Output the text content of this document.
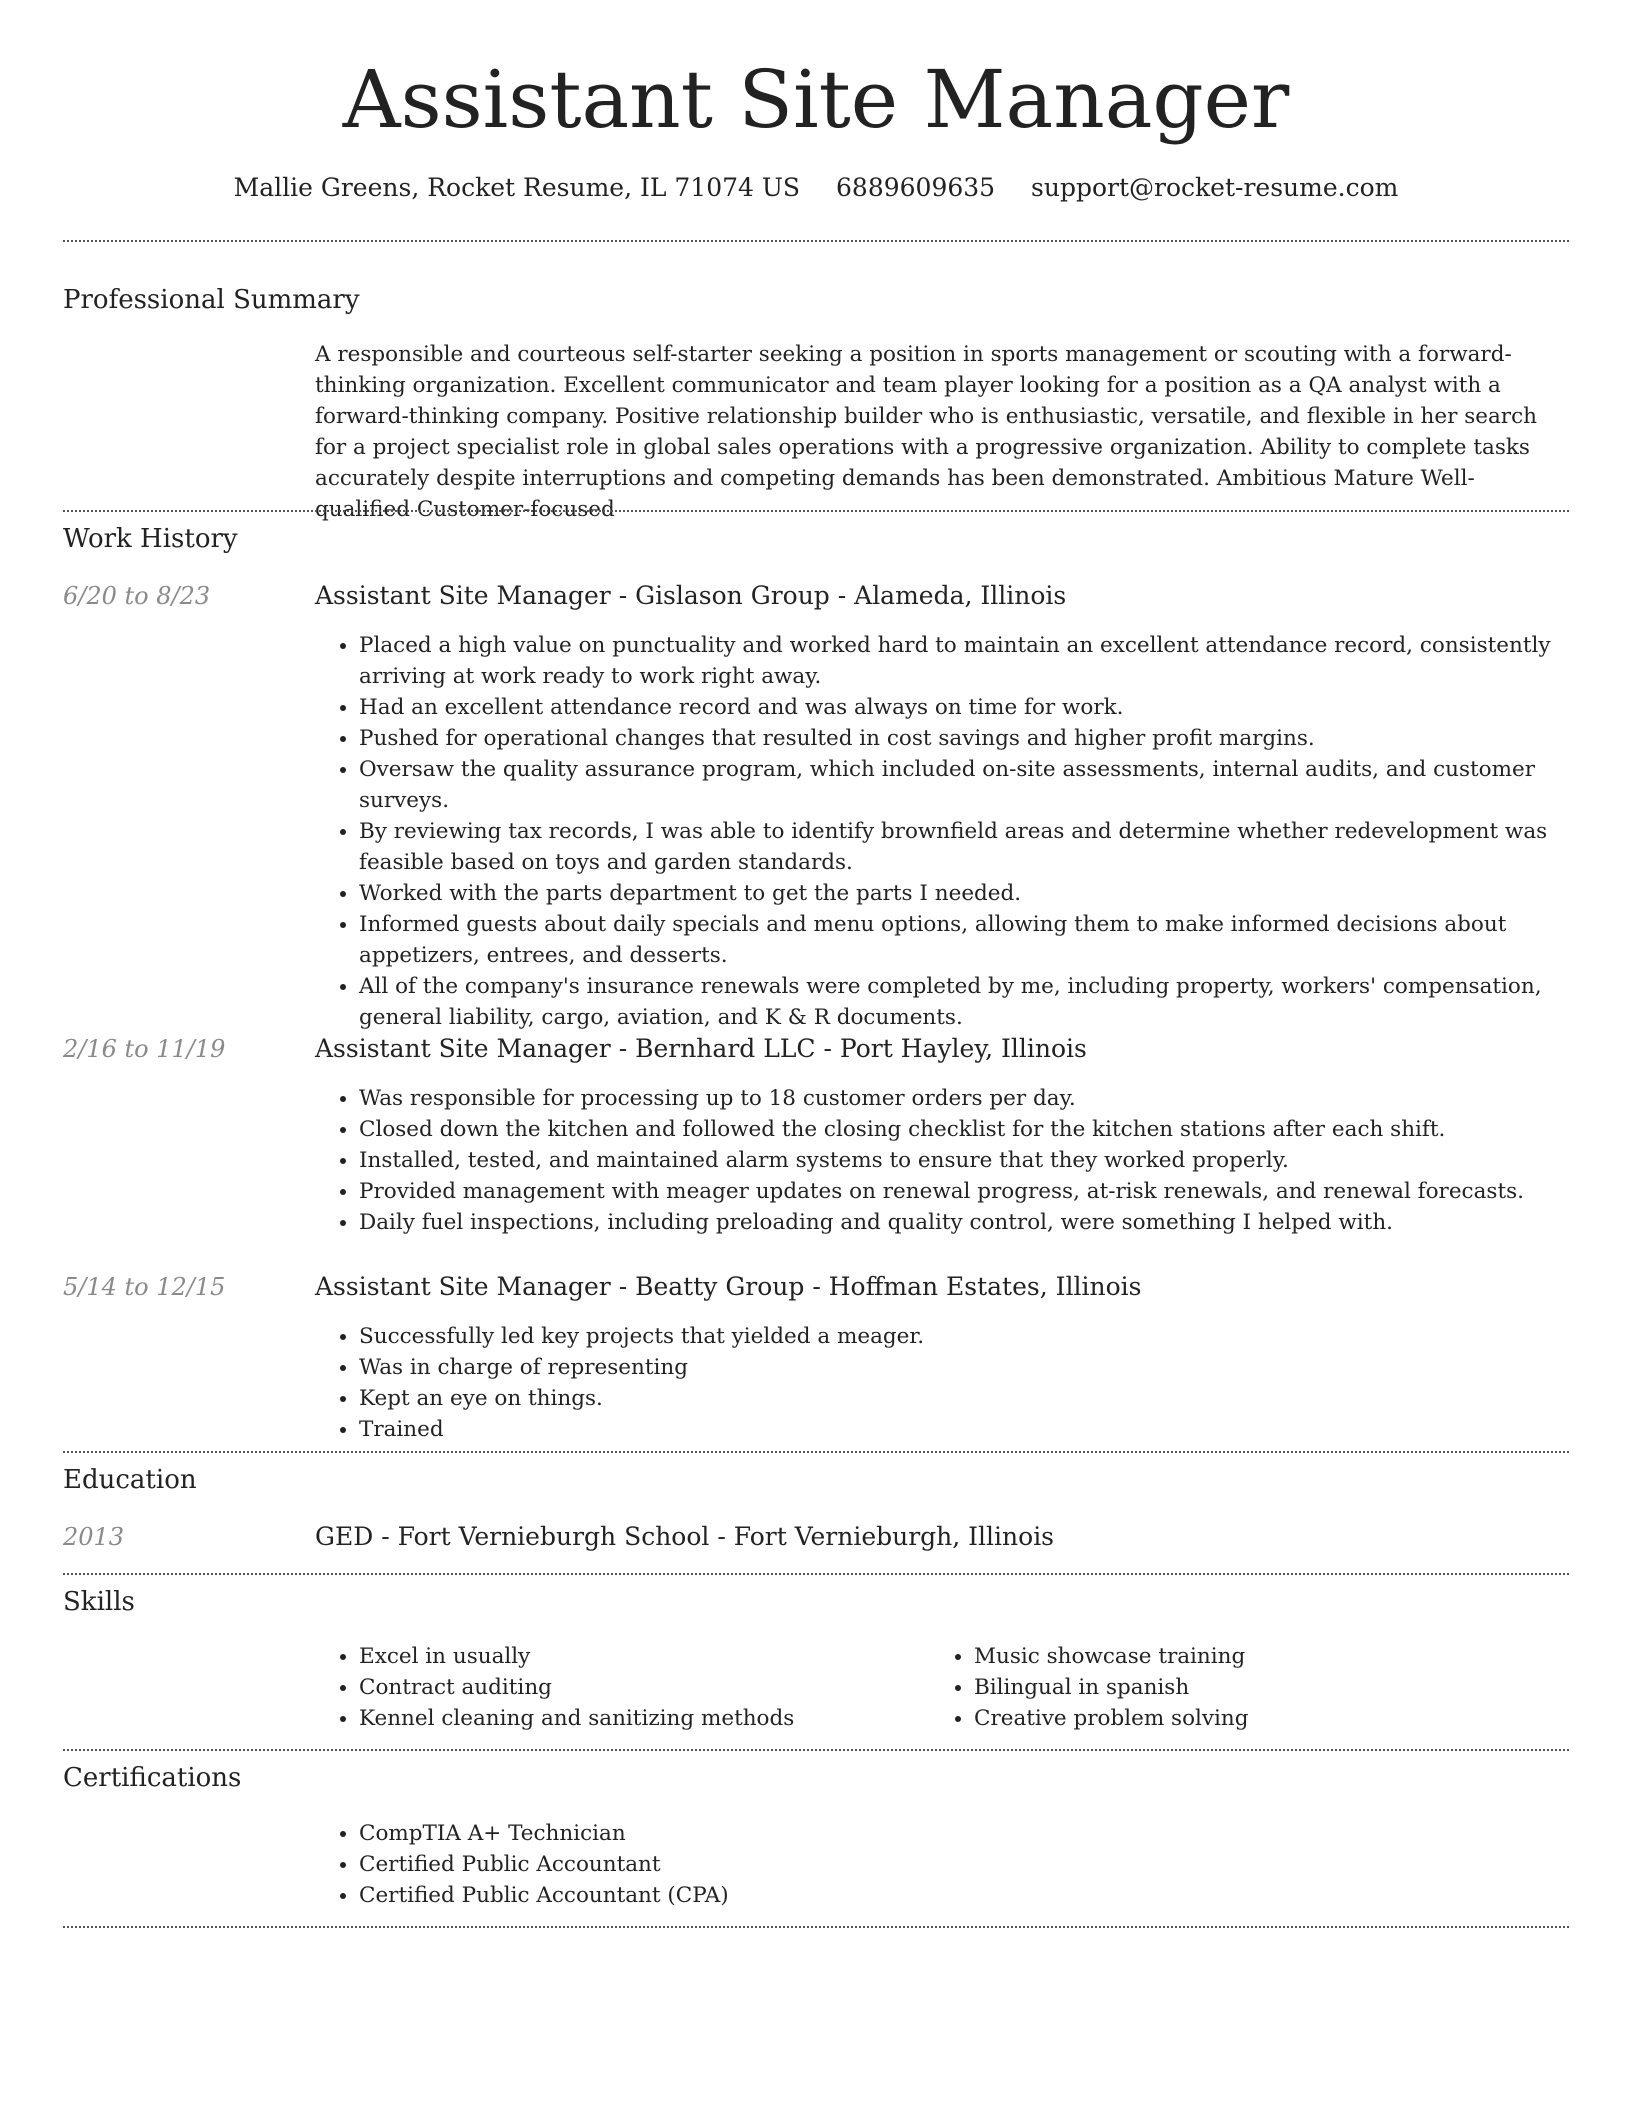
Assistant Site Manager
Mallie Greens, Rocket Resume, IL 71074 US 6889609635 support@rocket-resume.com
Professional Summary
A responsible and courteous self-starter seeking a position in sports management or scouting with a forward-thinking organization. Excellent communicator and team player looking for a position as a QA analyst with a forward-thinking company. Positive relationship builder who is enthusiastic, versatile, and flexible in her search for a project specialist role in global sales operations with a progressive organization. Ability to complete tasks accurately despite interruptions and competing demands has been demonstrated. Ambitious Mature Well-qualified Customer-focused
Work History
6/20 to 8/23	Assistant Site Manager - Gislason Group - Alameda, Illinois
• Placed a high value on punctuality and worked hard to maintain an excellent attendance record, consistently arriving at work ready to work right away.
• Had an excellent attendance record and was always on time for work.
• Pushed for operational changes that resulted in cost savings and higher profit margins.
• Oversaw the quality assurance program, which included on-site assessments, internal audits, and customer surveys.
• By reviewing tax records, I was able to identify brownfield areas and determine whether redevelopment was feasible based on toys and garden standards.
• Worked with the parts department to get the parts I needed.
• Informed guests about daily specials and menu options, allowing them to make informed decisions about appetizers, entrees, and desserts.
• All of the company's insurance renewals were completed by me, including property, workers' compensation, general liability, cargo, aviation, and K & R documents.
2/16 to 11/19	Assistant Site Manager - Bernhard LLC - Port Hayley, Illinois
• Was responsible for processing up to 18 customer orders per day.
• Closed down the kitchen and followed the closing checklist for the kitchen stations after each shift.
• Installed, tested, and maintained alarm systems to ensure that they worked properly.
• Provided management with meager updates on renewal progress, at-risk renewals, and renewal forecasts.
• Daily fuel inspections, including preloading and quality control, were something I helped with.
5/14 to 12/15	Assistant Site Manager - Beatty Group - Hoffman Estates, Illinois
• Successfully led key projects that yielded a meager.
• Was in charge of representing
• Kept an eye on things.
• Trained
Education
2013	GED - Fort Vernieburgh School - Fort Vernieburgh, Illinois
Skills
• Excel in usually
• Contract auditing
• Kennel cleaning and sanitizing methods
• Music showcase training
• Bilingual in spanish
• Creative problem solving
Certifications
• CompTIA A+ Technician
• Certified Public Accountant
• Certified Public Accountant (CPA)
